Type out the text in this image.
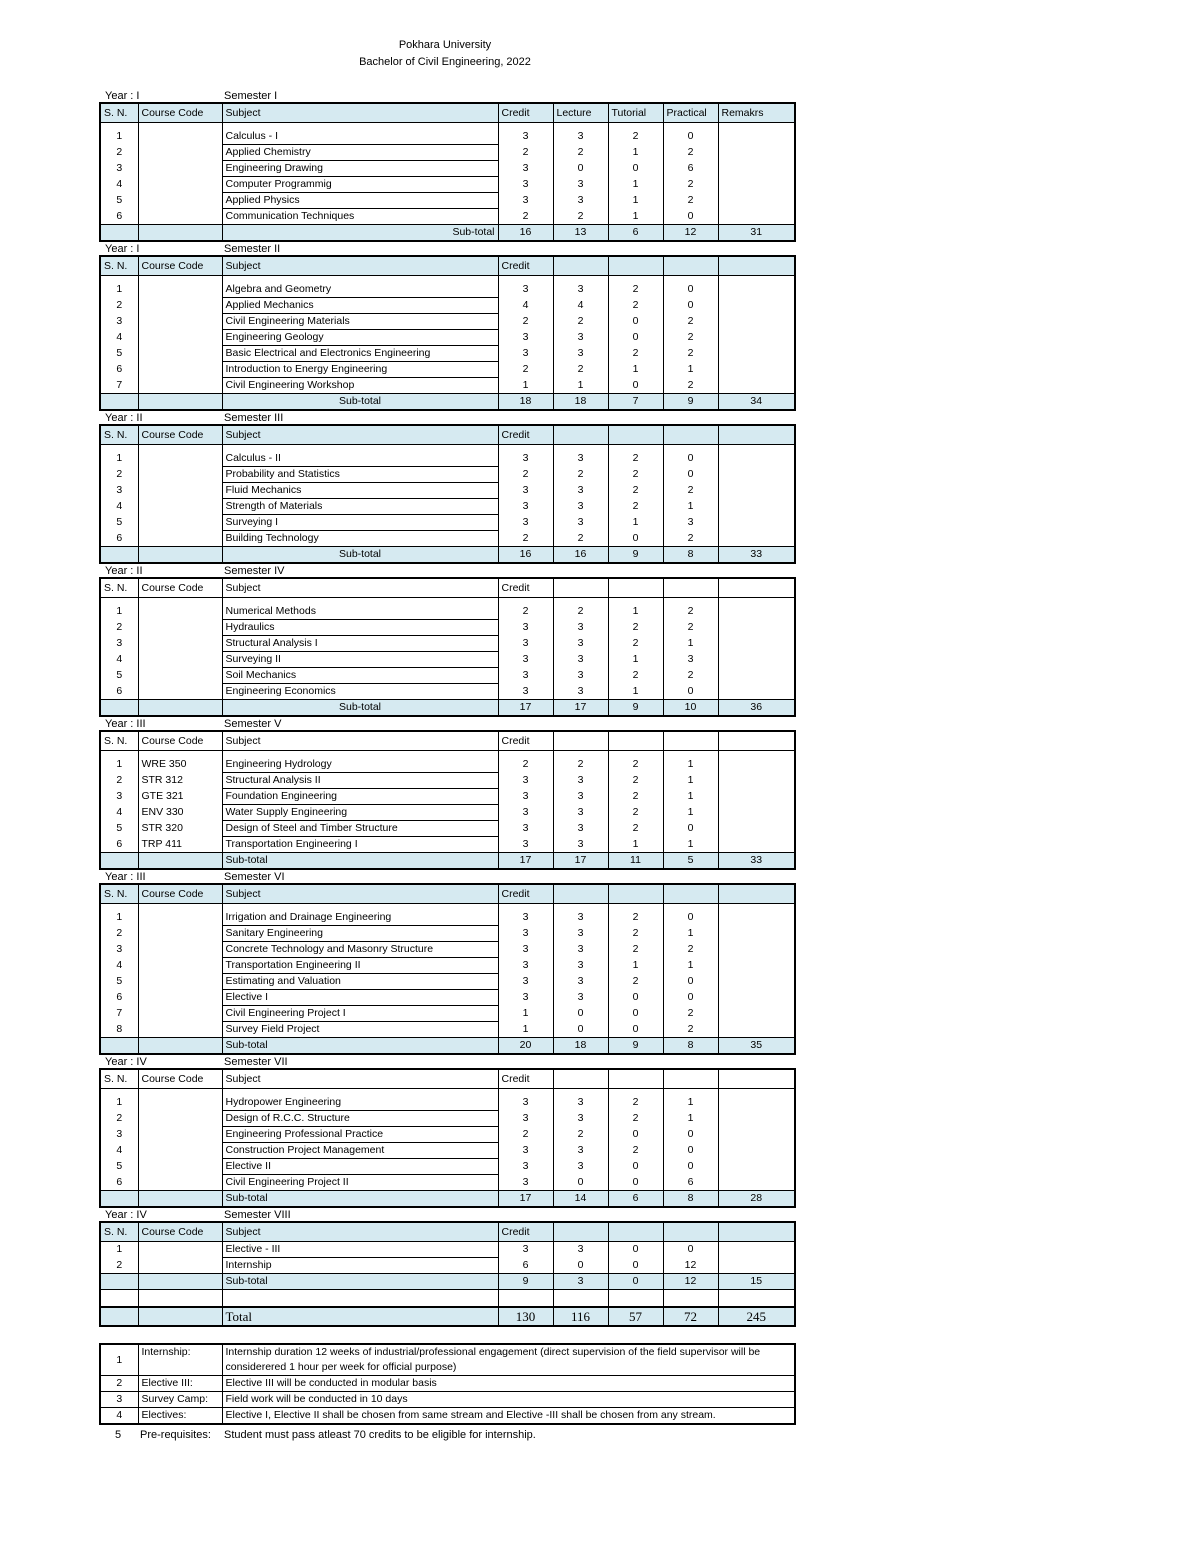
Pokhara University
Bachelor of Civil Engineering, 2022
Year : I	Semester I
S. N.	Course Code	Subject	Credit	Lecture	Tutorial	Practical	Remakrs

1		Calculus - I	3	3	2	0	
2		Applied Chemistry	2	2	1	2	
3		Engineering Drawing	3	0	0	6	
4		Computer Programmig	3	3	1	2	
5		Applied Physics	3	3	1	2	
6		Communication Techniques	2	2	1	0	
		Sub-total	16	13	6	12	31
Year : I	Semester II
S. N.	Course Code	Subject	Credit				

1		Algebra and Geometry	3	3	2	0	
2		Applied Mechanics	4	4	2	0	
3		Civil Engineering Materials	2	2	0	2	
4		Engineering Geology	3	3	0	2	
5		Basic Electrical and Electronics Engineering	3	3	2	2	
6		Introduction to Energy Engineering	2	2	1	1	
7		Civil Engineering Workshop	1	1	0	2	
		Sub-total	18	18	7	9	34
Year : II	Semester III
S. N.	Course Code	Subject	Credit				

1		Calculus - II	3	3	2	0	
2		Probability and Statistics	2	2	2	0	
3		Fluid Mechanics	3	3	2	2	
4		Strength of Materials	3	3	2	1	
5		Surveying I	3	3	1	3	
6		Building Technology	2	2	0	2	
		Sub-total	16	16	9	8	33
Year : II	Semester IV
S. N.	Course Code	Subject	Credit				

1		Numerical Methods	2	2	1	2	
2		Hydraulics	3	3	2	2	
3		Structural Analysis I	3	3	2	1	
4		Surveying II	3	3	1	3	
5		Soil Mechanics	3	3	2	2	
6		Engineering Economics	3	3	1	0	
		Sub-total	17	17	9	10	36
Year : III	Semester V
S. N.	Course Code	Subject	Credit				

1	WRE 350	Engineering Hydrology	2	2	2	1	
2	STR 312	Structural Analysis II	3	3	2	1	
3	GTE 321	Foundation Engineering	3	3	2	1	
4	ENV 330	Water Supply Engineering	3	3	2	1	
5	STR 320	Design of Steel and Timber Structure	3	3	2	0	
6	TRP 411	Transportation Engineering I	3	3	1	1	
		Sub-total	17	17	11	5	33
Year : III	Semester VI
S. N.	Course Code	Subject	Credit				

1		Irrigation and Drainage Engineering	3	3	2	0	
2		Sanitary Engineering	3	3	2	1	
3		Concrete Technology and Masonry Structure	3	3	2	2	
4		Transportation Engineering II	3	3	1	1	
5		Estimating and Valuation	3	3	2	0	
6		Elective I	3	3	0	0	
7		Civil Engineering Project I	1	0	0	2	
8		Survey Field Project	1	0	0	2	
		Sub-total	20	18	9	8	35
Year : IV	Semester VII
S. N.	Course Code	Subject	Credit				

1		Hydropower Engineering	3	3	2	1	
2		Design of R.C.C. Structure	3	3	2	1	
3		Engineering Professional Practice	2	2	0	0	
4		Construction Project Management	3	3	2	0	
5		Elective II	3	3	0	0	
6		Civil Engineering Project II	3	0	0	6	
		Sub-total	17	14	6	8	28
Year : IV	Semester VIII
S. N.	Course Code	Subject	Credit				
1		Elective - III	3	3	0	0	
2		Internship	6	0	0	12	
		Sub-total	9	3	0	12	15

		Total	130	116	57	72	245
1	Internship:	Internship duration 12 weeks of industrial/professional engagement (direct supervision of the field supervisor will be considerered 1 hour per week for official purpose)
2	Elective III:	Elective III will be conducted in modular basis
3	Survey Camp:	Field work will be conducted in 10 days
4	Electives:	Elective I, Elective II shall be chosen from same stream and Elective -III shall be chosen from any stream.
5 Pre-requisites: Student must pass atleast 70 credits to be eligible for internship.
